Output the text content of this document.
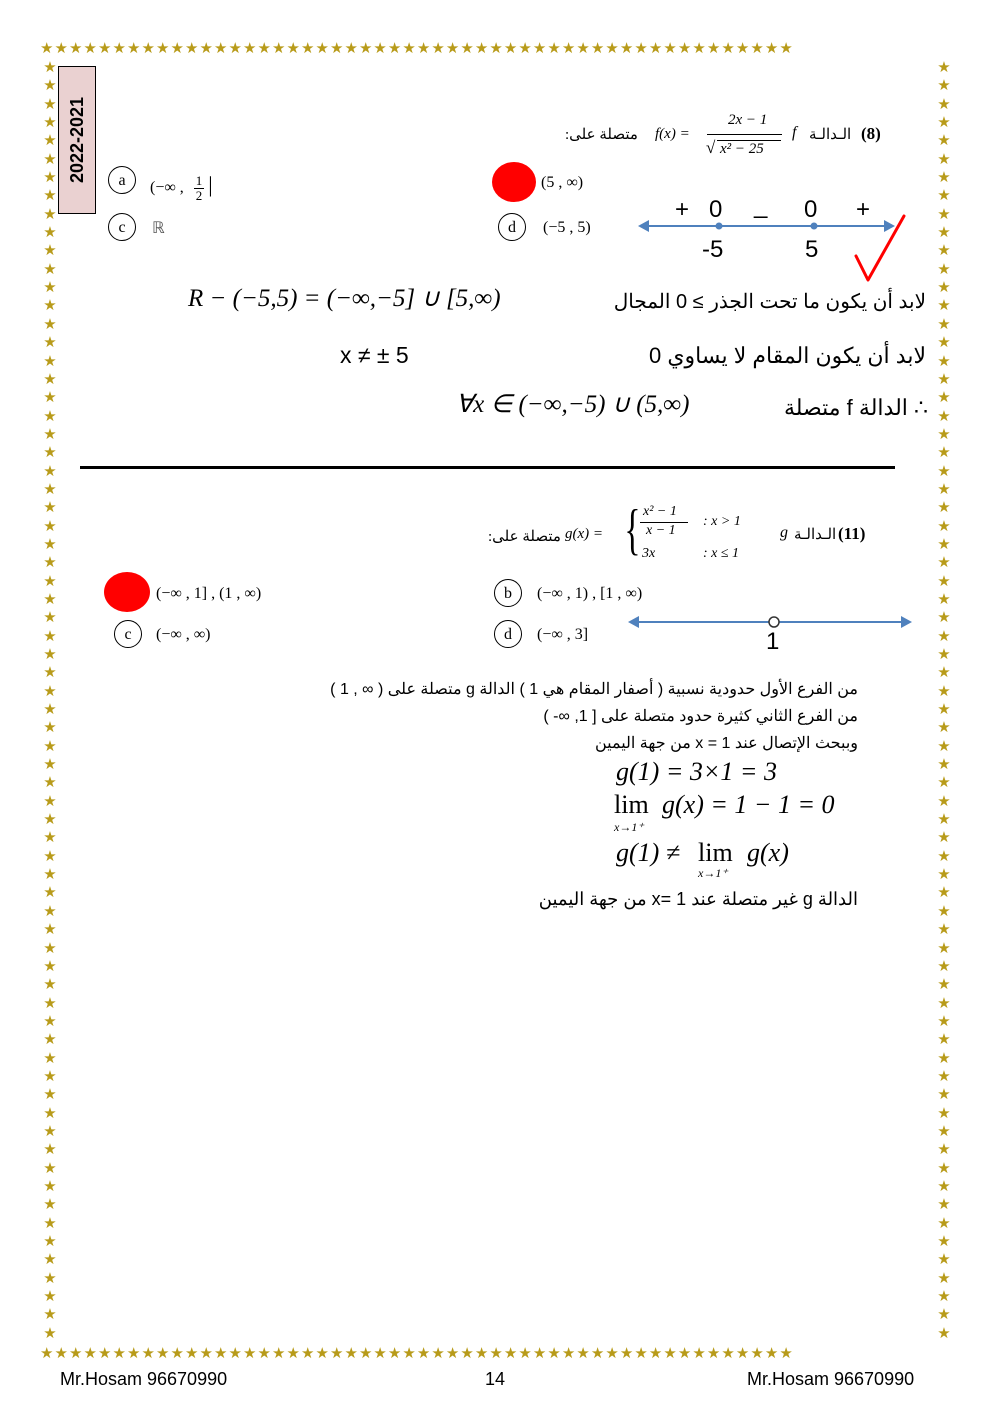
★★★★★★★★★★★★★★★★★★★★★★★★★★★★★★★★★★★★★★★★★★★★★★★★★★★★
★★★★★★★★★★★★★★★★★★★★★★★★★★★★★★★★★★★★★★★★★★★★★★★★★★★★
★★★★★★★★★★★★★★★★★★★★★★★★★★★★★★★★★★★★★★★★★★★★★★★★★★★★★★★★★★★★★★★★★★★★★★
★★★★★★★★★★★★★★★★★★★★★★★★★★★★★★★★★★★★★★★★★★★★★★★★★★★★★★★★★★★★★★★★★★★★★★
2022-2021	(8)
الـدالـة
f
f(x) =
2x − 1
√ x² − 25
متصلة على:
a	(−∞ , $\frac{1}{2}$ |	(5 , ∞)
c	ℝ	d	(−5 , 5)
+ 0 _ 0 +
-5	5
لابد أن يكون ما تحت الجذر ≥ 0 المجال
R − (−5,5) = (−∞,−5] ∪ [5,∞)
لابد أن يكون المقام لا يساوي 0
x ≠ ± 5
∴ الدالة f متصلة
∀x ∈ (−∞,−5) ∪ (5,∞)
(11)
الـدالـة
g
متصلة على: g(x) = { x² − 1
x − 1
: x > 1
3x	: x ≤ 1
(−∞ , 1] , (1 , ∞)	b	(−∞ , 1) , [1 , ∞)
c	(−∞ , ∞)	d	(−∞ , 3]	1
من الفرع الأول حدودية نسبية ( أصفار المقام هي 1 ) الدالة g متصلة على ( ∞ , 1 )
من الفرع الثاني كثيرة حدود متصلة على [ 1, ∞- )
وببحث الإتصال عند x = 1 من جهة اليمين
g(1) = 3×1 = 3
lim
x→1⁺
g(x) = 1 − 1 = 0
g(1) ≠ lim
x→1⁺
g(x)
الدالة g غير متصلة عند x= 1 من جهة اليمين
Mr.Hosam 96670990	14	Mr.Hosam 96670990
